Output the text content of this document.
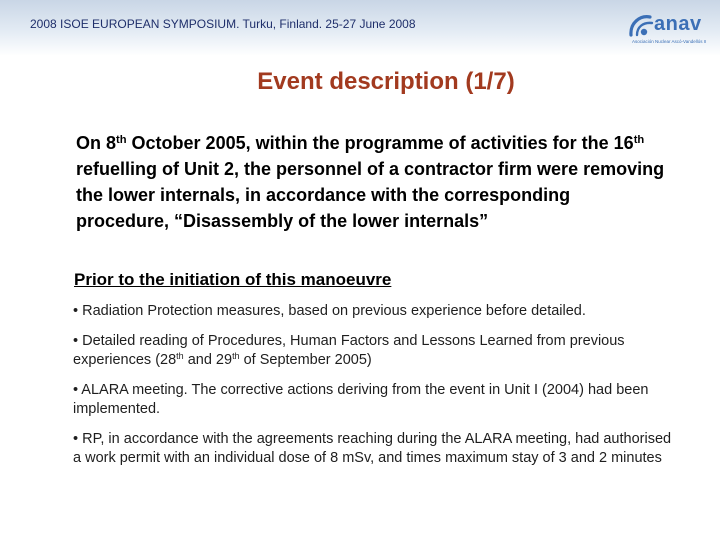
2008 ISOE EUROPEAN SYMPOSIUM. Turku, Finland. 25-27 June 2008	anav
Asociación Nuclear Ascó-Vandellós II
Event description (1/7)
On 8th October 2005, within the programme of activities for the 16th refuelling of Unit 2, the personnel of a contractor firm were removing the lower internals, in accordance with the corresponding procedure, “Disassembly of the lower internals”
Prior to the initiation of this manoeuvre
• Radiation Protection measures, based on previous experience before detailed.
• Detailed reading of Procedures, Human Factors and Lessons Learned from previous experiences (28th and 29th of September 2005)
• ALARA meeting. The corrective actions deriving from the event in Unit I (2004) had been implemented.
• RP, in accordance with the agreements reaching during the ALARA meeting, had authorised a work permit with an individual dose of 8 mSv, and times maximum stay of 3 and 2 minutes
